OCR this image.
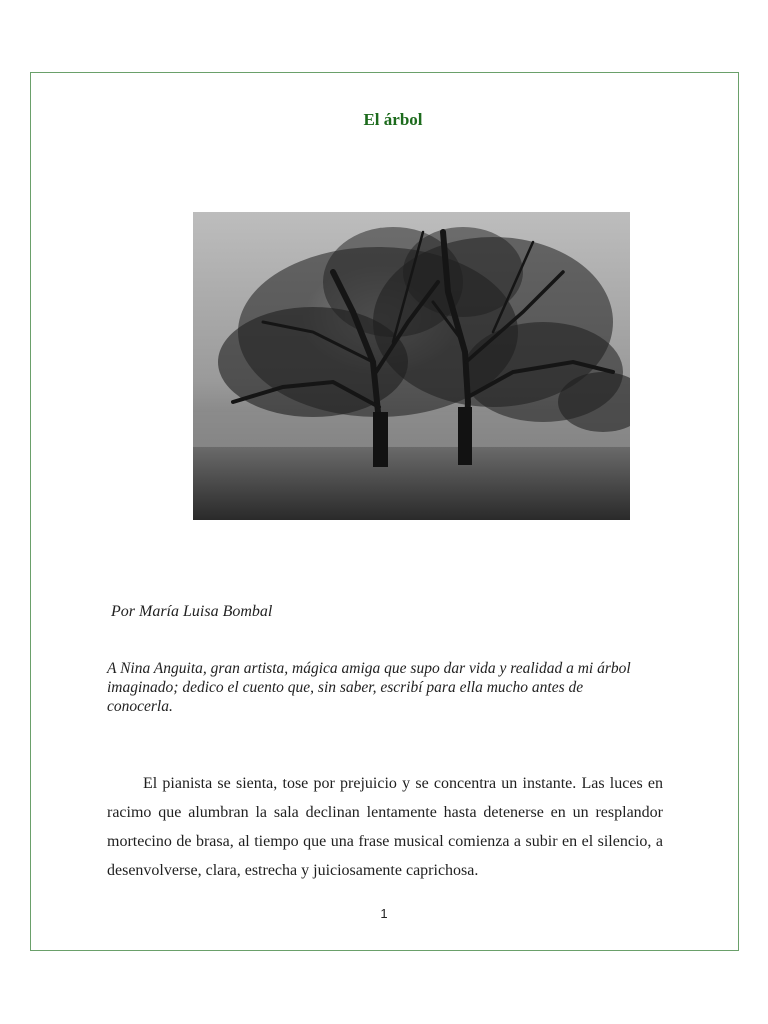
El árbol
Por María Luisa Bombal
A Nina Anguita, gran artista, mágica amiga que supo dar vida y realidad a mi árbol imaginado; dedico el cuento que, sin saber, escribí para ella mucho antes de conocerla.
El pianista se sienta, tose por prejuicio y se concentra un instante. Las luces en racimo que alumbran la sala declinan lentamente hasta detenerse en un resplandor mortecino de brasa, al tiempo que una frase musical comienza a subir en el silencio, a desenvolverse, clara, estrecha y juiciosamente caprichosa.
1
